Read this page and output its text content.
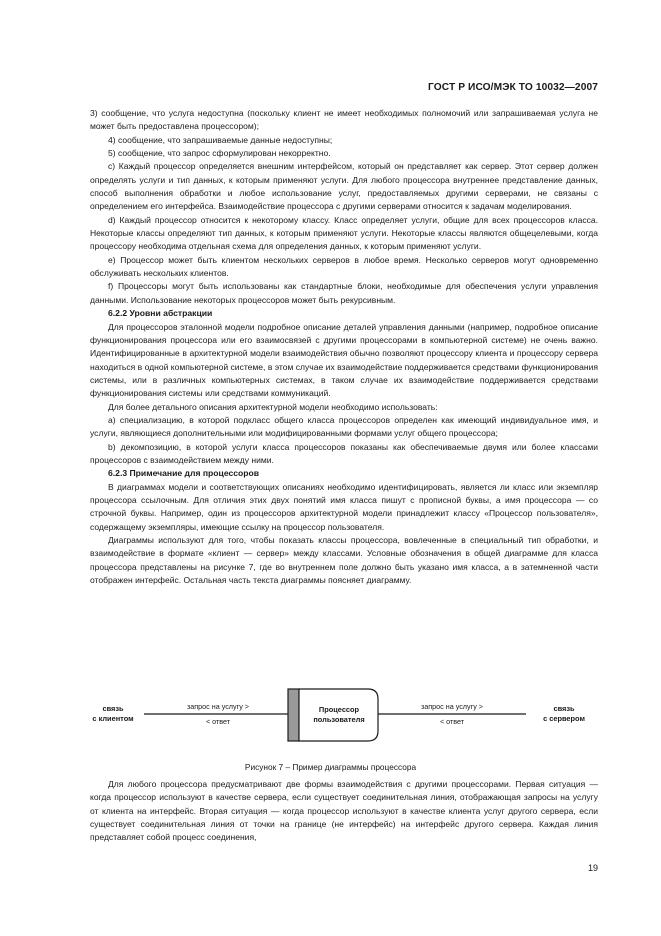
ГОСТ Р ИСО/МЭК ТО 10032—2007

3) сообщение, что услуга недоступна (поскольку клиент не имеет необходимых полномочий или запрашиваемая услуга не может быть предоставлена процессором);

4) сообщение, что запрашиваемые данные недоступны;

5) сообщение, что запрос сформулирован некорректно.

c) Каждый процессор определяется внешним интерфейсом, который он представляет как сервер. Этот сервер должен определять услуги и тип данных, к которым применяют услуги. Для любого процессора внутреннее представление данных, способ выполнения обработки и любое использование услуг, предоставляемых другими серверами, не связаны с определением его интерфейса. Взаимодействие процессора с другими серверами относится к задачам моделирования.

d) Каждый процессор относится к некоторому классу. Класс определяет услуги, общие для всех процессоров класса. Некоторые классы определяют тип данных, к которым применяют услуги. Некоторые классы являются общецелевыми, когда процессору необходима отдельная схема для определения данных, к которым применяют услуги.

e) Процессор может быть клиентом нескольких серверов в любое время. Несколько серверов могут одновременно обслуживать нескольких клиентов.

f) Процессоры могут быть использованы как стандартные блоки, необходимые для обеспечения услуги управления данными. Использование некоторых процессоров может быть рекурсивным.

6.2.2 Уровни абстракции

Для процессоров эталонной модели подробное описание деталей управления данными (например, подробное описание функционирования процессора или его взаимосвязей с другими процессорами в компьютерной системе) не очень важно. Идентифицированные в архитектурной модели взаимодействия обычно позволяют процессору клиента и процессору сервера находиться в одной компьютерной системе, в этом случае их взаимодействие поддерживается средствами функционирования системы, или в различных компьютерных системах, в таком случае их взаимодействие поддерживается средствами функционирования системы или средствами коммуникаций.

Для более детального описания архитектурной модели необходимо использовать:

a) специализацию, в которой подкласс общего класса процессоров определен как имеющий индивидуальное имя, и услуги, являющиеся дополнительными или модифицированными формами услуг общего процессора;

b) декомпозицию, в которой услуги класса процессоров показаны как обеспечиваемые двумя или более классами процессоров с взаимодействием между ними.

6.2.3 Примечание для процессоров

В диаграммах модели и соответствующих описаниях необходимо идентифицировать, является ли класс или экземпляр процессора ссылочным. Для отличия этих двух понятий имя класса пишут с прописной буквы, а имя процессора — со строчной буквы. Например, один из процессоров архитектурной модели принадлежит классу «Процессор пользователя», содержащему экземпляры, имеющие ссылку на процессор пользователя.

Диаграммы используют для того, чтобы показать классы процессора, вовлеченные в специальный тип обработки, и взаимодействие в формате «клиент — сервер» между классами. Условные обозначения в общей диаграмме для класса процессора представлены на рисунке 7, где во внутреннем поле должно быть указано имя класса, а в затемненной части отображен интерфейс. Остальная часть текста диаграммы поясняет диаграмму.

связь
с клиентом
запрос на услугу >
< ответ
Процессор
пользователя
запрос на услугу >
< ответ
связь
с сервером
Рисунок 7 – Пример диаграммы процессора

Для любого процессора предусматривают две формы взаимодействия с другими процессорами. Первая ситуация — когда процессор используют в качестве сервера, если существует соединительная линия, отображающая запросы на услугу от клиента на интерфейс. Вторая ситуация — когда процессор используют в качестве клиента услуг другого сервера, если существует соединительная линия от точки на границе (не интерфейс) на интерфейс другого сервера. Каждая линия представляет собой процесс соединения,

19
